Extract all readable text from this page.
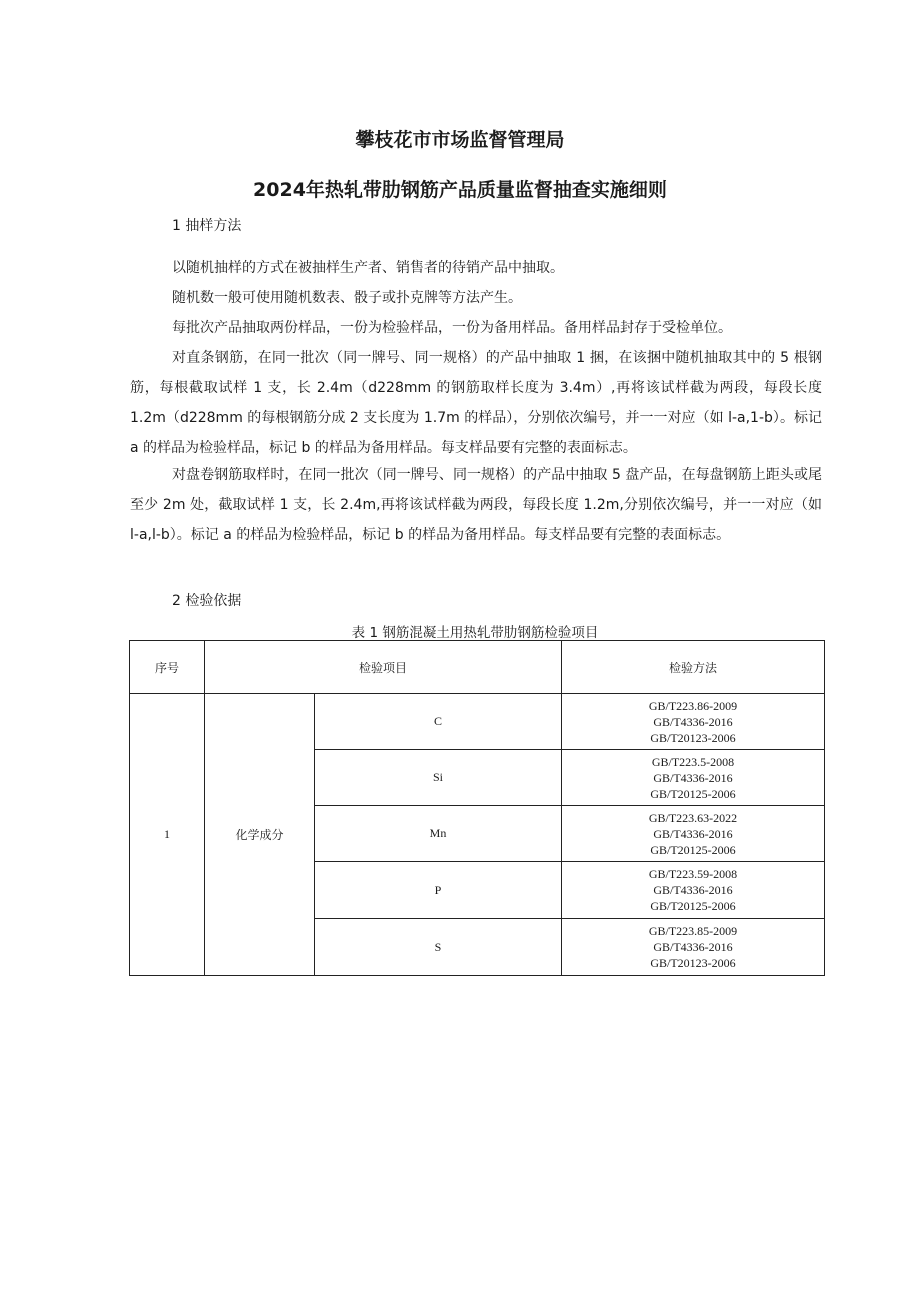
攀枝花市市场监督管理局
2024年热轧带肋钢筋产品质量监督抽查实施细则

1 抽样方法

以随机抽样的方式在被抽样生产者、销售者的待销产品中抽取。

随机数一般可使用随机数表、骰子或扑克牌等方法产生。

每批次产品抽取两份样品，一份为检验样品，一份为备用样品。备用样品封存于受检单位。

对直条钢筋，在同一批次（同一牌号、同一规格）的产品中抽取 1 捆，在该捆中随机抽取其中的 5 根钢筋，每根截取试样 1 支，长 2.4m（d228mm 的钢筋取样长度为 3.4m）,再将该试样截为两段，每段长度 1.2m（d228mm 的每根钢筋分成 2 支长度为 1.7m 的样品），分别依次编号，并一一对应（如 l-a,1-b）。标记 a 的样品为检验样品，标记 b 的样品为备用样品。每支样品要有完整的表面标志。

对盘卷钢筋取样时，在同一批次（同一牌号、同一规格）的产品中抽取 5 盘产品，在每盘钢筋上距头或尾至少 2m 处，截取试样 1 支，长 2.4m,再将该试样截为两段，每段长度 1.2m,分别依次编号，并一一对应（如 l-a,l-b）。标记 a 的样品为检验样品，标记 b 的样品为备用样品。每支样品要有完整的表面标志。

2 检验依据

表 1 钢筋混凝土用热轧带肋钢筋检验项目
序号	检验项目		检验方法
1	化学成分	C	GB/T223.86-2009
GB/T4336-2016
GB/T20123-2006

		Si	GB/T223.5-2008
GB/T4336-2016
GB/T20125-2006

		Mn	GB/T223.63-2022
GB/T4336-2016
GB/T20125-2006

		P	GB/T223.59-2008
GB/T4336-2016
GB/T20125-2006

		S	GB/T223.85-2009
GB/T4336-2016
GB/T20123-2006
